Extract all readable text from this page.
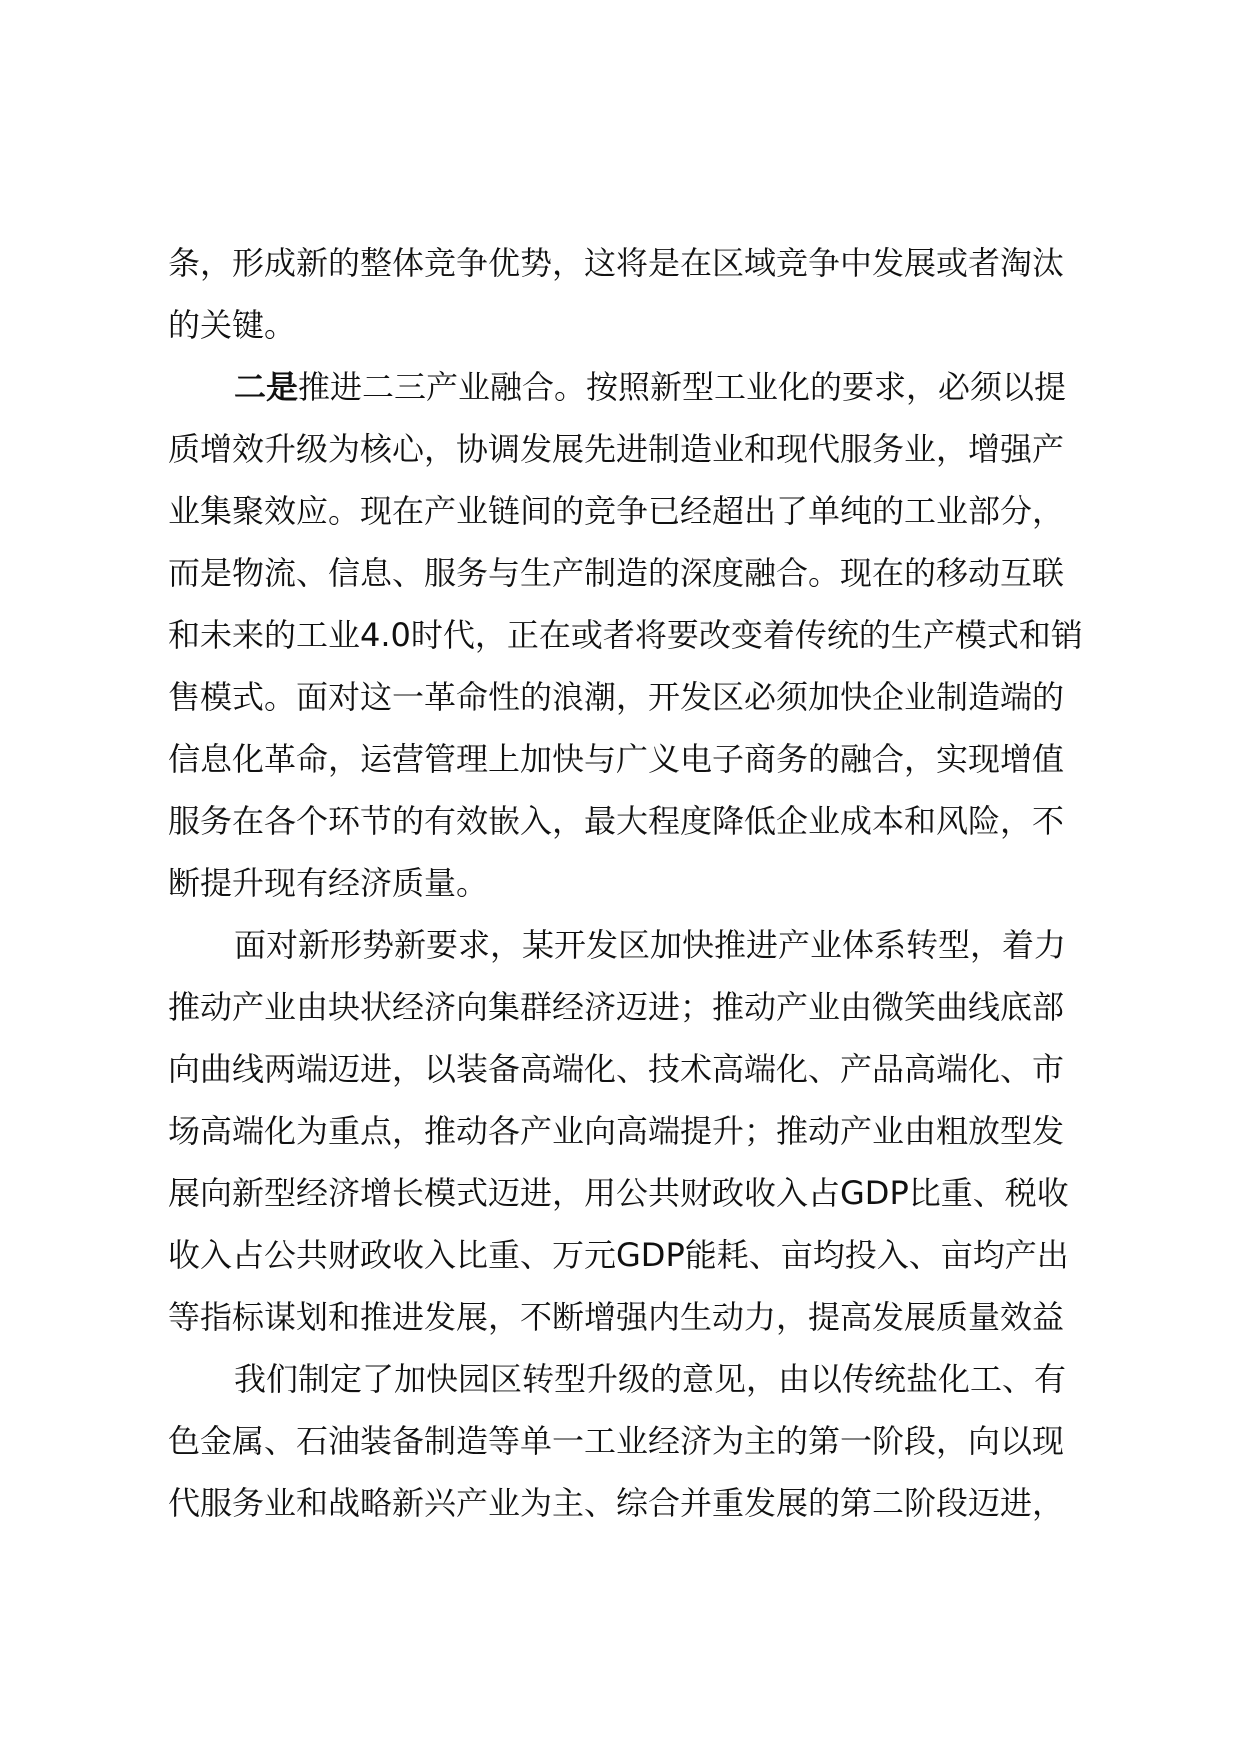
条，形成新的整体竞争优势，这将是在区域竞争中发展或者淘汰
的关键。
二是推进二三产业融合。按照新型工业化的要求，必须以提
质增效升级为核心，协调发展先进制造业和现代服务业，增强产
业集聚效应。现在产业链间的竞争已经超出了单纯的工业部分，
而是物流、信息、服务与生产制造的深度融合。现在的移动互联
和未来的工业4.0时代，正在或者将要改变着传统的生产模式和销
售模式。面对这一革命性的浪潮，开发区必须加快企业制造端的
信息化革命，运营管理上加快与广义电子商务的融合，实现增值
服务在各个环节的有效嵌入，最大程度降低企业成本和风险，不
断提升现有经济质量。
面对新形势新要求，某开发区加快推进产业体系转型，着力
推动产业由块状经济向集群经济迈进；推动产业由微笑曲线底部
向曲线两端迈进，以装备高端化、技术高端化、产品高端化、市
场高端化为重点，推动各产业向高端提升；推动产业由粗放型发
展向新型经济增长模式迈进，用公共财政收入占GDP比重、税收
收入占公共财政收入比重、万元GDP能耗、亩均投入、亩均产出
等指标谋划和推进发展，不断增强内生动力，提高发展质量效益
我们制定了加快园区转型升级的意见，由以传统盐化工、有
色金属、石油装备制造等单一工业经济为主的第一阶段，向以现
代服务业和战略新兴产业为主、综合并重发展的第二阶段迈进，
